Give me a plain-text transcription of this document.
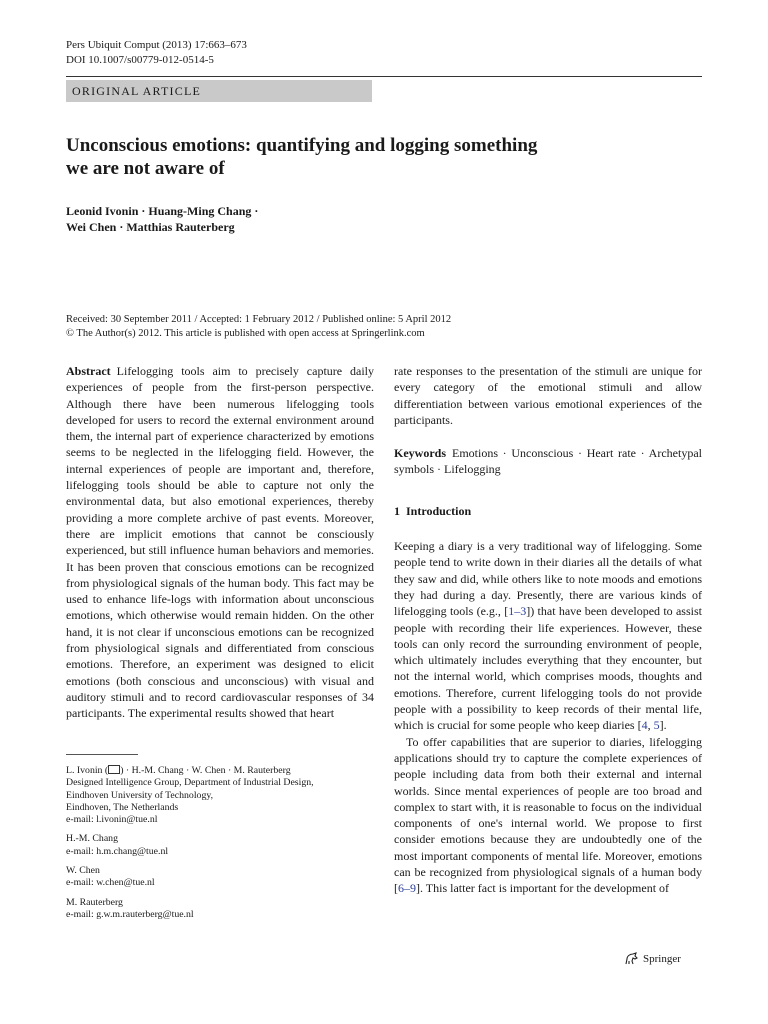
Pers Ubiquit Comput (2013) 17:663–673
DOI 10.1007/s00779-012-0514-5
ORIGINAL ARTICLE
Unconscious emotions: quantifying and logging something
we are not aware of
Leonid Ivonin · Huang-Ming Chang ·
Wei Chen · Matthias Rauterberg
Received: 30 September 2011 / Accepted: 1 February 2012 / Published online: 5 April 2012
© The Author(s) 2012. This article is published with open access at Springerlink.com

Abstract Lifelogging tools aim to precisely capture daily experiences of people from the first-person perspective. Although there have been numerous lifelogging tools developed for users to record the external environment around them, the internal part of experience characterized by emotions seems to be neglected in the lifelogging field. However, the internal experiences of people are important and, therefore, lifelogging tools should be able to capture not only the environmental data, but also emotional experiences, thereby providing a more complete archive of past events. Moreover, there are implicit emotions that cannot be consciously experienced, but still influence human behaviors and memories. It has been proven that conscious emotions can be recognized from physiological signals of the human body. This fact may be used to enhance life-logs with information about unconscious emotions, which otherwise would remain hidden. On the other hand, it is not clear if unconscious emotions can be recognized from physiological signals and differentiated from conscious emotions. Therefore, an experiment was designed to elicit emotions (both conscious and unconscious) with visual and auditory stimuli and to record cardiovascular responses of 34 participants. The experimental results showed that heart

rate responses to the presentation of the stimuli are unique for every category of the emotional stimuli and allow differentiation between various emotional experiences of the participants.

Keywords Emotions · Unconscious · Heart rate · Archetypal symbols · Lifelogging

1 Introduction

Keeping a diary is a very traditional way of lifelogging. Some people tend to write down in their diaries all the details of what they saw and did, while others like to note moods and emotions they had during a day. Presently, there are various kinds of lifelogging tools (e.g., [1–3]) that have been developed to assist people with recording their life experiences. However, these tools can only record the surrounding environment of people, which ultimately includes everything that they encounter, but not the internal world, which comprises moods, thoughts and emotions. Therefore, current lifelogging tools do not provide people with a possibility to keep records of their mental life, which is crucial for some people who keep diaries [4, 5].

To offer capabilities that are superior to diaries, lifelogging applications should try to capture the complete experiences of people including data from both their external and internal worlds. Since mental experiences of people are too broad and complex to start with, it is reasonable to focus on the individual components of one's internal world. We propose to first consider emotions because they are undoubtedly one of the most important components of mental life. Moreover, emotions can be recognized from physiological signals of a human body [6–9]. This latter fact is important for the development of

L. Ivonin ( ) · H.-M. Chang · W. Chen · M. Rauterberg
Designed Intelligence Group, Department of Industrial Design,
Eindhoven University of Technology,
Eindhoven, The Netherlands
e-mail: l.ivonin@tue.nl
H.-M. Chang
e-mail: h.m.chang@tue.nl
W. Chen
e-mail: w.chen@tue.nl
M. Rauterberg
e-mail: g.w.m.rauterberg@tue.nl
Springer
